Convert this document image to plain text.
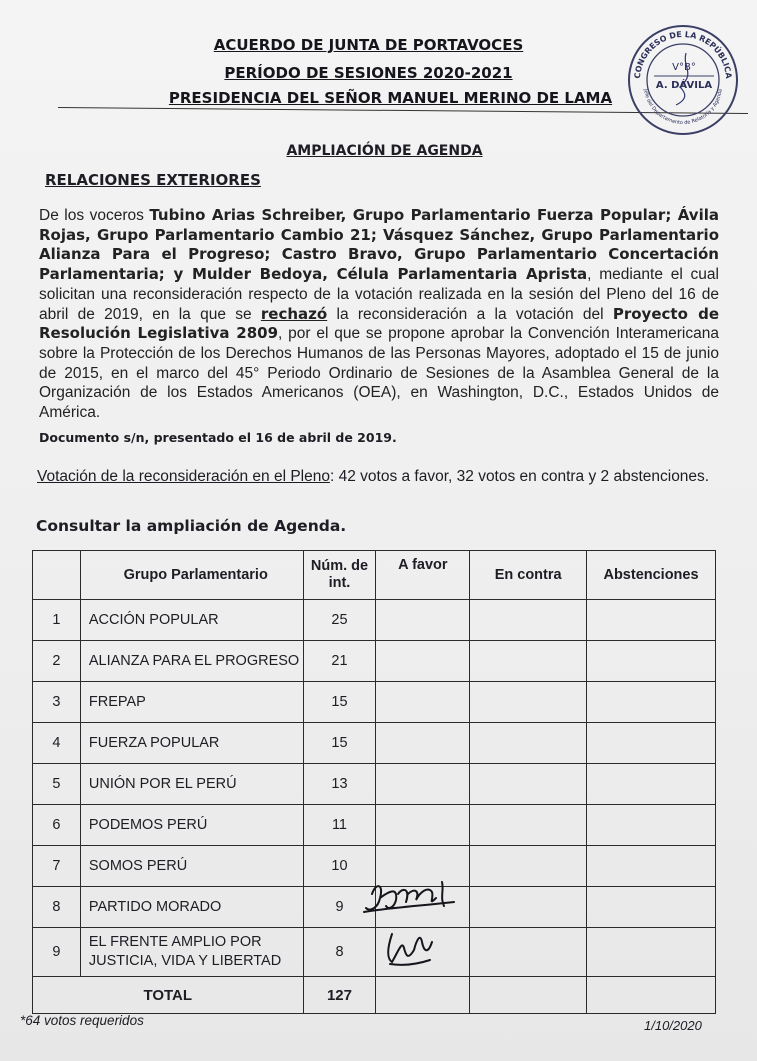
ACUERDO DE JUNTA DE PORTAVOCES
PERÍODO DE SESIONES 2020-2021
PRESIDENCIA DEL SEÑOR MANUEL MERINO DE LAMA
CONGRESO DE LA REPÚBLICA
Jefe del Departamento de Relatoría y Agenda
V°B°
A. DÁVILA
AMPLIACIÓN DE AGENDA
RELACIONES EXTERIORES
De los voceros Tubino Arias Schreiber, Grupo Parlamentario Fuerza Popular; Ávila Rojas, Grupo Parlamentario Cambio 21; Vásquez Sánchez, Grupo Parlamentario Alianza Para el Progreso; Castro Bravo, Grupo Parlamentario Concertación Parlamentaria; y Mulder Bedoya, Célula Parlamentaria Aprista, mediante el cual solicitan una reconsideración respecto de la votación realizada en la sesión del Pleno del 16 de abril de 2019, en la que se rechazó la reconsideración a la votación del Proyecto de Resolución Legislativa 2809, por el que se propone aprobar la Convención Interamericana sobre la Protección de los Derechos Humanos de las Personas Mayores, adoptado el 15 de junio de 2015, en el marco del 45° Periodo Ordinario de Sesiones de la Asamblea General de la Organización de los Estados Americanos (OEA), en Washington, D.C., Estados Unidos de América.
Documento s/n, presentado el 16 de abril de 2019.
Votación de la reconsideración en el Pleno: 42 votos a favor, 32 votos en contra y 2 abstenciones.
Consultar la ampliación de Agenda.
	Grupo Parlamentario	Núm. de int.	A favor	En contra	Abstenciones
1	ACCIÓN POPULAR	25			
2	ALIANZA PARA EL PROGRESO	21			
3	FREPAP	15			
4	FUERZA POPULAR	15			
5	UNIÓN POR EL PERÚ	13			
6	PODEMOS PERÚ	11			
7	SOMOS PERÚ	10			
8	PARTIDO MORADO	9			
9	EL FRENTE AMPLIO POR
JUSTICIA, VIDA Y LIBERTAD	8			
TOTAL		127			
*64 votos requeridos	1/10/2020
